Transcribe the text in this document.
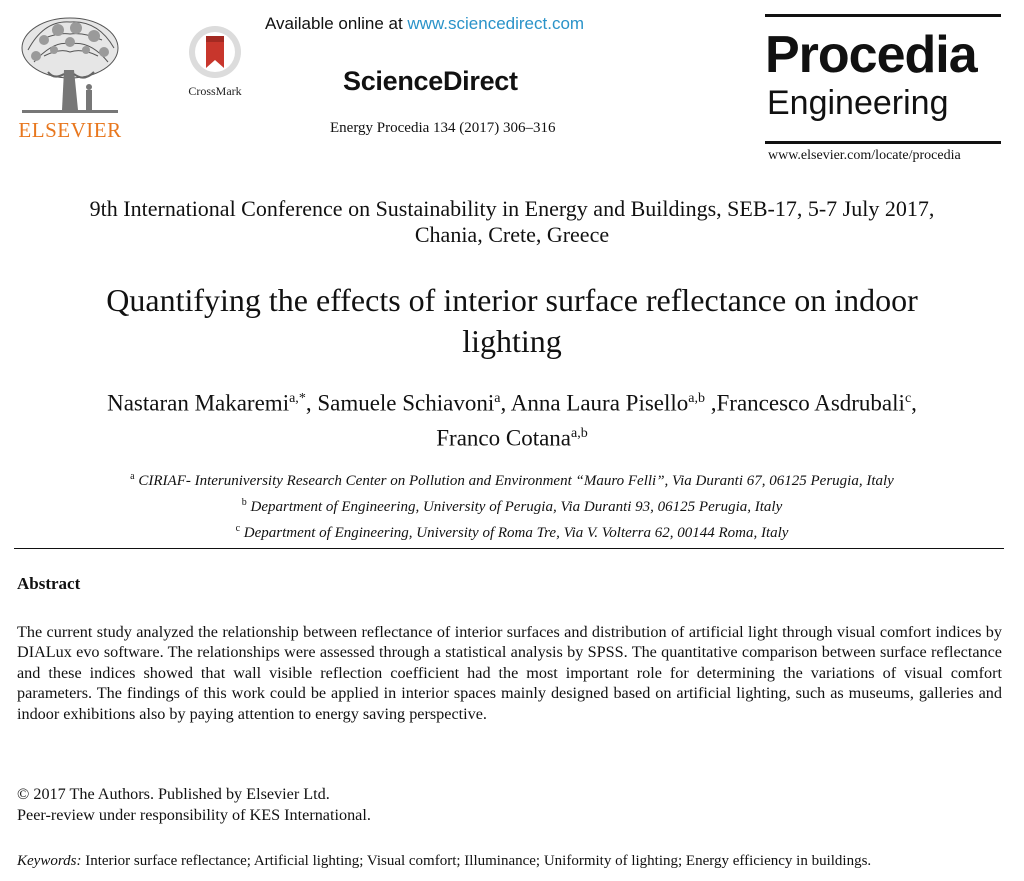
ELSEVIER
CrossMark
Available online at www.sciencedirect.com
ScienceDirect
Energy Procedia 134 (2017) 306–316
Procedia
Engineering
www.elsevier.com/locate/procedia
9th International Conference on Sustainability in Energy and Buildings, SEB-17, 5-7 July 2017,
Chania, Crete, Greece
Quantifying the effects of interior surface reflectance on indoor
lighting
Nastaran Makaremi$^{a,*}$, Samuele Schiavoni$^a$, Anna Laura Pisello$^{a,b}$ ,Francesco Asdrubali$^c$,
Franco Cotana$^{a,b}$
$^a$ CIRIAF- Interuniversity Research Center on Pollution and Environment “Mauro Felli”, Via Duranti 67, 06125 Perugia, Italy
$^b$ Department of Engineering, University of Perugia, Via Duranti 93, 06125 Perugia, Italy
$^c$ Department of Engineering, University of Roma Tre, Via V. Volterra 62, 00144 Roma, Italy
Abstract
The current study analyzed the relationship between reflectance of interior surfaces and distribution of artificial light through visual comfort indices by DIALux evo software. The relationships were assessed through a statistical analysis by SPSS. The quantitative comparison between surface reflectance and these indices showed that wall visible reflection coefficient had the most important role for determining the variations of visual comfort parameters. The findings of this work could be applied in interior spaces mainly designed based on artificial lighting, such as museums, galleries and indoor exhibitions also by paying attention to energy saving perspective.
© 2017 The Authors. Published by Elsevier Ltd.
Peer-review under responsibility of KES International.
Keywords: Interior surface reflectance; Artificial lighting; Visual comfort; Illuminance; Uniformity of lighting; Energy efficiency in buildings.
